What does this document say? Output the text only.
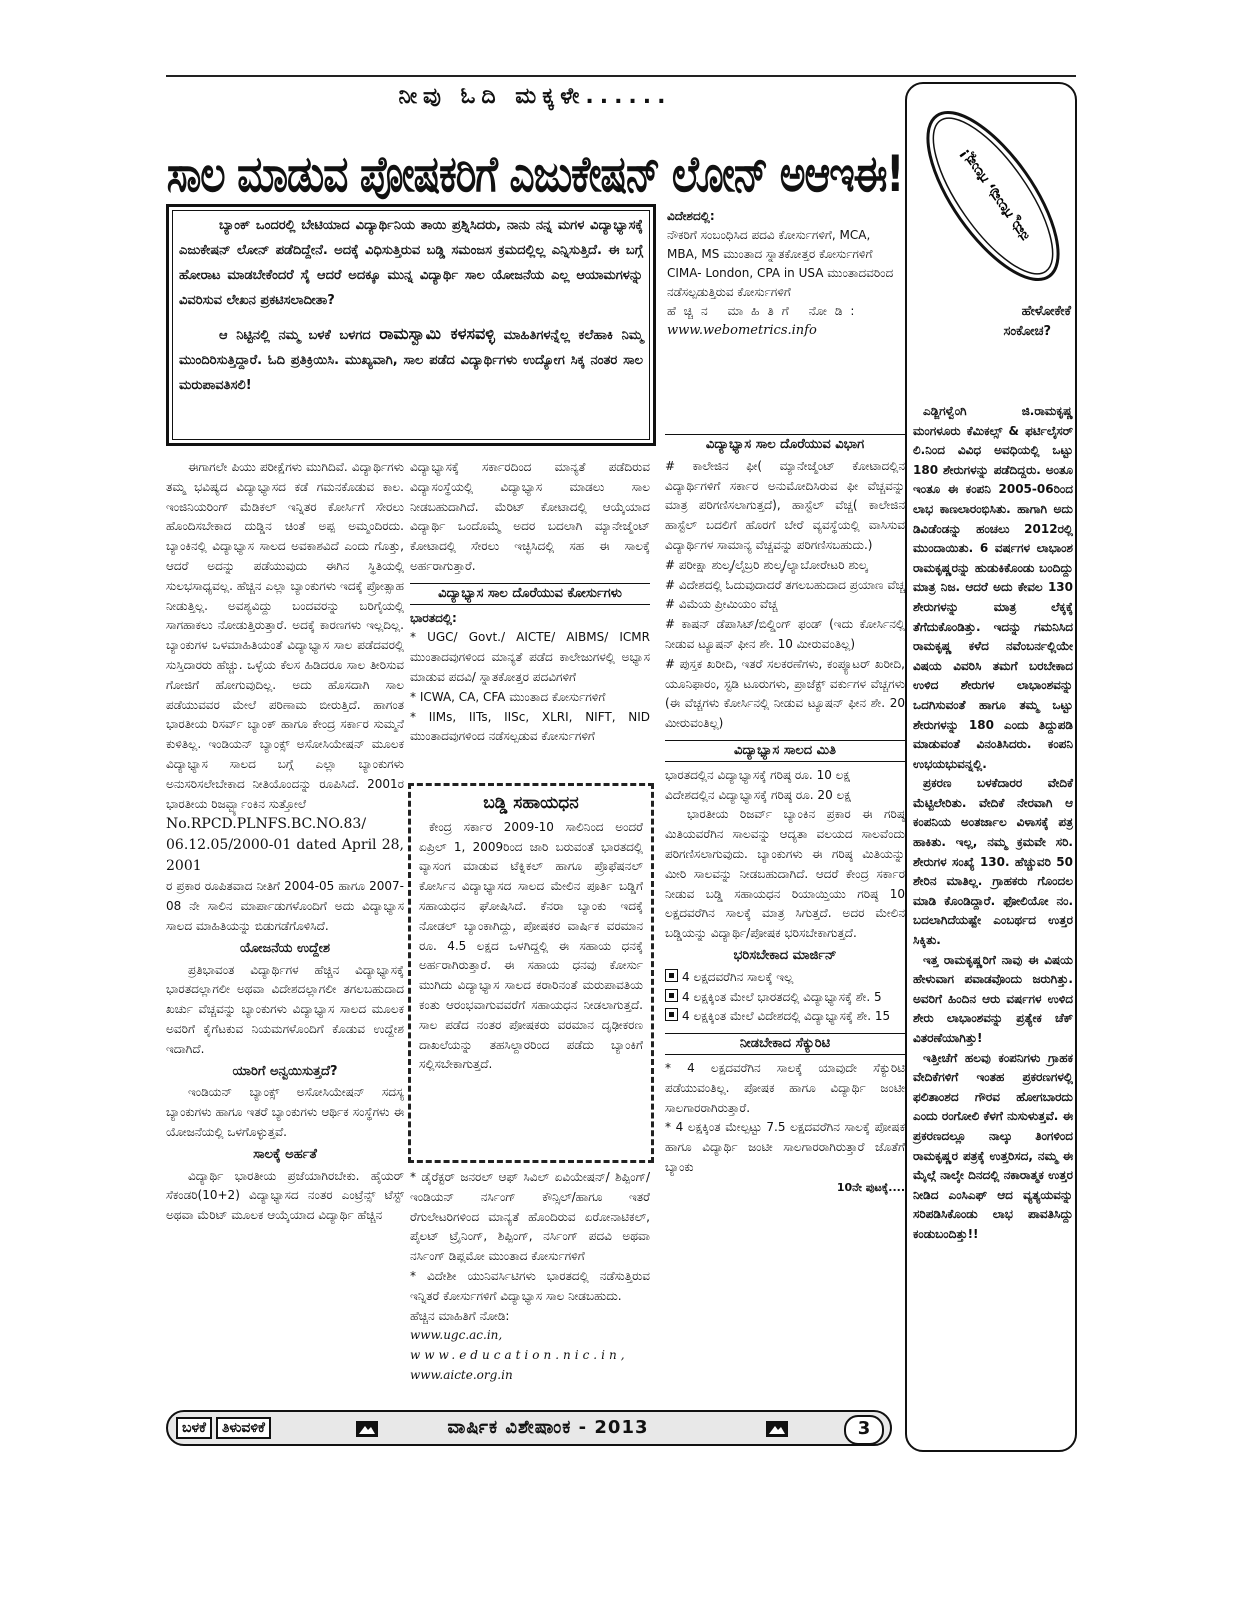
ನೀವು ಓದಿ ಮಕ್ಕಳೇ......
ಸಾಲ ಮಾಡುವ ಪೋಷಕರಿಗೆ ಎಜುಕೇಷನ್ ಲೋನ್ ಅಆಇಈ!

ಬ್ಯಾಂಕ್ ಒಂದರಲ್ಲಿ ಬೇಟಿಯಾದ ವಿದ್ಯಾರ್ಥಿನಿಯ ತಾಯಿ ಪ್ರಶ್ನಿಸಿದರು, ನಾನು ನನ್ನ ಮಗಳ ವಿದ್ಯಾಭ್ಯಾಸಕ್ಕೆ ಎಜುಕೇಷನ್ ಲೋನ್ ಪಡೆದಿದ್ದೇನೆ. ಅದಕ್ಕೆ ವಿಧಿಸುತ್ತಿರುವ ಬಡ್ಡಿ ಸಮಂಜಸ ಕ್ರಮದಲ್ಲಿಲ್ಲ ಎನ್ನಿಸುತ್ತಿದೆ. ಈ ಬಗ್ಗೆ ಹೋರಾಟ ಮಾಡಬೇಕೆಂದರೆ ಸೈ ಆದರೆ ಅದಕ್ಕೂ ಮುನ್ನ ವಿದ್ಯಾರ್ಥಿ ಸಾಲ ಯೋಜನೆಯ ಎಲ್ಲ ಆಯಾಮಗಳನ್ನು ವಿವರಿಸುವ ಲೇಖನ ಪ್ರಕಟಿಸಲಾದೀತಾ?

ಆ ನಿಟ್ಟಿನಲ್ಲಿ ನಮ್ಮ ಬಳಕೆ ಬಳಗದ ರಾಮಸ್ವಾಮಿ ಕಳಸವಳ್ಳಿ ಮಾಹಿತಿಗಳನ್ನೆಲ್ಲ ಕಲೆಹಾಕಿ ನಿಮ್ಮ ಮುಂದಿರಿಸುತ್ತಿದ್ದಾರೆ. ಓದಿ ಪ್ರತಿಕ್ರಿಯಿಸಿ. ಮುಖ್ಯವಾಗಿ, ಸಾಲ ಪಡೆದ ವಿದ್ಯಾರ್ಥಿಗಳು ಉದ್ಯೋಗ ಸಿಕ್ಕ ನಂತರ ಸಾಲ ಮರುಪಾವತಿಸಲಿ!

ವಿದೇಶದಲ್ಲಿ:
ನೌಕರಿಗೆ ಸಂಬಂಧಿಸಿದ ಪದವಿ ಕೋರ್ಸುಗಳಿಗೆ, MCA, MBA, MS ಮುಂತಾದ ಸ್ನಾತಕೋತ್ತರ ಕೋರ್ಸುಗಳಿಗೆ
CIMA- London, CPA in USA ಮುಂತಾದವರಿಂದ ನಡೆಸಲ್ಪಡುತ್ತಿರುವ ಕೋರ್ಸುಗಳಿಗೆ
ಹೆಚ್ಚಿನ ಮಾಹಿತಿಗೆ ನೋಡಿ:
www.webometrics.info

ಈಗಾಗಲೇ ಪಿಯು ಪರೀಕ್ಷೆಗಳು ಮುಗಿದಿವೆ. ವಿದ್ಯಾರ್ಥಿಗಳು ತಮ್ಮ ಭವಿಷ್ಯದ ವಿದ್ಯಾಭ್ಯಾಸದ ಕಡೆ ಗಮನಕೊಡುವ ಕಾಲ. ಇಂಜಿನಿಯರಿಂಗ್ ಮೆಡಿಕಲ್ ಇನ್ನಿತರ ಕೋರ್ಸಿಗೆ ಸೇರಲು ಹೊಂದಿಸಬೇಕಾದ ದುಡ್ಡಿನ ಚಿಂತೆ ಅಪ್ಪ ಅಮ್ಮಂದಿರದು. ಬ್ಯಾಂಕಿನಲ್ಲಿ ವಿದ್ಯಾಭ್ಯಾಸ ಸಾಲದ ಅವಕಾಶವಿದೆ ಎಂದು ಗೊತ್ತು, ಆದರೆ ಅದನ್ನು ಪಡೆಯುವುದು ಈಗಿನ ಸ್ಥಿತಿಯಲ್ಲಿ ಸುಲಭಸಾಧ್ಯವಲ್ಲ. ಹೆಚ್ಚಿನ ಎಲ್ಲಾ ಬ್ಯಾಂಕುಗಳು ಇದಕ್ಕೆ ಪ್ರೋತ್ಸಾಹ ನೀಡುತ್ತಿಲ್ಲ. ಅವಶ್ಯವಿದ್ದು ಬಂದವರನ್ನು ಬರಿಗೈಯಲ್ಲಿ ಸಾಗಹಾಕಲು ನೋಡುತ್ತಿರುತ್ತಾರೆ. ಅದಕ್ಕೆ ಕಾರಣಗಳು ಇಲ್ಲದಿಲ್ಲ. ಬ್ಯಾಂಕುಗಳ ಒಳಮಾಹಿತಿಯಂತೆ ವಿದ್ಯಾಭ್ಯಾಸ ಸಾಲ ಪಡೆದವರಲ್ಲಿ ಸುಸ್ತಿದಾರರು ಹೆಚ್ಚು. ಒಳ್ಳೆಯ ಕೆಲಸ ಹಿಡಿದರೂ ಸಾಲ ತೀರಿಸುವ ಗೋಜಿಗೆ ಹೋಗುವುದಿಲ್ಲ. ಅದು ಹೊಸದಾಗಿ ಸಾಲ ಪಡೆಯುವವರ ಮೇಲೆ ಪರಿಣಾಮ ಬೀರುತ್ತಿದೆ. ಹಾಗಂತ ಭಾರತೀಯ ರಿಸರ್ವ್ ಬ್ಯಾಂಕ್ ಹಾಗೂ ಕೇಂದ್ರ ಸರ್ಕಾರ ಸುಮ್ಮನೆ ಕುಳಿತಿಲ್ಲ. ಇಂಡಿಯನ್ ಬ್ಯಾಂಕ್ಸ್ ಅಸೋಸಿಯೇಷನ್ ಮೂಲಕ ವಿದ್ಯಾಭ್ಯಾಸ ಸಾಲದ ಬಗ್ಗೆ ಎಲ್ಲಾ ಬ್ಯಾಂಕುಗಳು ಅನುಸರಿಸಲೇಬೇಕಾದ ನೀತಿಯೊಂದನ್ನು ರೂಪಿಸಿದೆ. 2001ರ ಭಾರತೀಯ ರಿಜರ್ವ್ಬ್ಯಾಂಕಿನ ಸುತ್ತೋಲೆ

No.RPCD.PLNFS.BC.NO.83/ 06.12.05/2000-01 dated April 28, 2001

ರ ಪ್ರಕಾರ ರೂಪಿತವಾದ ನೀತಿಗೆ 2004-05 ಹಾಗೂ 2007-08 ನೇ ಸಾಲಿನ ಮಾರ್ಪಾಡುಗಳೊಂದಿಗೆ ಅದು ವಿದ್ಯಾಭ್ಯಾಸ ಸಾಲದ ಮಾಹಿತಿಯನ್ನು ಬಿಡುಗಡೆಗೊಳಿಸಿದೆ.

ಯೋಜನೆಯ ಉದ್ದೇಶ

ಪ್ರತಿಭಾವಂತ ವಿದ್ಯಾರ್ಥಿಗಳ ಹೆಚ್ಚಿನ ವಿದ್ಯಾಭ್ಯಾಸಕ್ಕೆ ಭಾರತದಲ್ಲಾಗಲೀ ಅಥವಾ ವಿದೇಶದಲ್ಲಾಗಲೀ ತಗಲಬಹುದಾದ ಖರ್ಚು ವೆಚ್ಚವನ್ನು ಬ್ಯಾಂಕುಗಳು ವಿದ್ಯಾಭ್ಯಾಸ ಸಾಲದ ಮೂಲಕ ಅವರಿಗೆ ಕೈಗೆಟಕುವ ನಿಯಮಗಳೊಂದಿಗೆ ಕೊಡುವ ಉದ್ದೇಶ ಇದಾಗಿದೆ.

ಯಾರಿಗೆ ಅನ್ವಯಿಸುತ್ತದೆ?

ಇಂಡಿಯನ್ ಬ್ಯಾಂಕ್ಸ್ ಅಸೋಸಿಯೇಷನ್ ಸದಸ್ಯ ಬ್ಯಾಂಕುಗಳು ಹಾಗೂ ಇತರೆ ಬ್ಯಾಂಕುಗಳು ಆರ್ಥಿಕ ಸಂಸ್ಥೆಗಳು ಈ ಯೋಜನೆಯಲ್ಲಿ ಒಳಗೊಳ್ಳುತ್ತವೆ.

ಸಾಲಕ್ಕೆ ಅರ್ಹತೆ

ವಿದ್ಯಾರ್ಥಿ ಭಾರತೀಯ ಪ್ರಜೆಯಾಗಿರಬೇಕು. ಹೈಯರ್ ಸೆಕಂಡರಿ(10+2) ವಿದ್ಯಾಭ್ಯಾಸದ ನಂತರ ಎಂಟ್ರೆನ್ಸ್ ಟೆಸ್ಟ್ ಅಥವಾ ಮೆರಿಟ್ ಮೂಲಕ ಆಯ್ಕೆಯಾದ ವಿದ್ಯಾರ್ಥಿ ಹೆಚ್ಚಿನ

ವಿದ್ಯಾಭ್ಯಾಸಕ್ಕೆ ಸರ್ಕಾರದಿಂದ ಮಾನ್ಯತೆ ಪಡೆದಿರುವ ವಿದ್ಯಾಸಂಸ್ಥೆಯಲ್ಲಿ ವಿದ್ಯಾಭ್ಯಾಸ ಮಾಡಲು ಸಾಲ ನೀಡಬಹುದಾಗಿದೆ. ಮೆರಿಟ್ ಕೋಟಾದಲ್ಲಿ ಆಯ್ಕೆಯಾದ ವಿದ್ಯಾರ್ಥಿ ಒಂದೊಮ್ಮೆ ಅದರ ಬದಲಾಗಿ ಮ್ಯಾನೇಜ್ಮೆಂಟ್ ಕೋಟಾದಲ್ಲಿ ಸೇರಲು ಇಚ್ಛಿಸಿದಲ್ಲಿ ಸಹ ಈ ಸಾಲಕ್ಕೆ ಅರ್ಹರಾಗುತ್ತಾರೆ.

ವಿದ್ಯಾಭ್ಯಾಸ ಸಾಲ ದೊರೆಯುವ ಕೋರ್ಸುಗಳು

ಭಾರತದಲ್ಲಿ:

* UGC/ Govt./ AICTE/ AIBMS/ ICMR ಮುಂತಾದವುಗಳಿಂದ ಮಾನ್ಯತೆ ಪಡೆದ ಕಾಲೇಜುಗಳಲ್ಲಿ ಅಭ್ಯಾಸ ಮಾಡುವ ಪದವಿ/ ಸ್ನಾತಕೋತ್ತರ ಪದವಿಗಳಿಗೆ

* ICWA, CA, CFA ಮುಂತಾದ ಕೋರ್ಸುಗಳಿಗೆ

* IIMs, IITs, IISc, XLRI, NIFT, NID ಮುಂತಾದವುಗಳಿಂದ ನಡೆಸಲ್ಪಡುವ ಕೋರ್ಸುಗಳಿಗೆ

ಬಡ್ಡಿ ಸಹಾಯಧನ

ಕೇಂದ್ರ ಸರ್ಕಾರ 2009-10 ಸಾಲಿನಿಂದ ಅಂದರೆ ಏಪ್ರಿಲ್ 1, 2009ರಿಂದ ಜಾರಿ ಬರುವಂತೆ ಭಾರತದಲ್ಲಿ ವ್ಯಾಸಂಗ ಮಾಡುವ ಟೆಕ್ನಿಕಲ್ ಹಾಗೂ ಪ್ರೊಫೆಷನಲ್ ಕೋರ್ಸಿನ ವಿದ್ಯಾಭ್ಯಾಸದ ಸಾಲದ ಮೇಲಿನ ಪೂರ್ತಿ ಬಡ್ಡಿಗೆ ಸಹಾಯಧನ ಘೋಷಿಸಿದೆ. ಕೆನರಾ ಬ್ಯಾಂಕು ಇದಕ್ಕೆ ನೋಡಲ್ ಬ್ಯಾಂಕಾಗಿದ್ದು, ಪೋಷಕರ ವಾರ್ಷಿಕ ವರಮಾನ ರೂ. 4.5 ಲಕ್ಷದ ಒಳಗಿದ್ದಲ್ಲಿ ಈ ಸಹಾಯ ಧನಕ್ಕೆ ಅರ್ಹರಾಗಿರುತ್ತಾರೆ. ಈ ಸಹಾಯ ಧನವು ಕೋರ್ಸು ಮುಗಿದು ವಿದ್ಯಾಭ್ಯಾಸ ಸಾಲದ ಕರಾರಿನಂತೆ ಮರುಪಾವತಿಯ ಕಂತು ಆರಂಭವಾಗುವವರೆಗೆ ಸಹಾಯಧನ ನೀಡಲಾಗುತ್ತದೆ. ಸಾಲ ಪಡೆದ ನಂತರ ಪೋಷಕರು ವರಮಾನ ದೃಢೀಕರಣ ದಾಖಲೆಯನ್ನು ತಹಸಿಲ್ದಾರರಿಂದ ಪಡೆದು ಬ್ಯಾಂಕಿಗೆ ಸಲ್ಲಿಸಬೇಕಾಗುತ್ತದೆ.

* ಡೈರೆಕ್ಟರ್ ಜನರಲ್ ಆಫ್ ಸಿವಿಲ್ ಏವಿಯೇಷನ್/ ಶಿಪ್ಪಿಂಗ್/ಇಂಡಿಯನ್ ನರ್ಸಿಂಗ್ ಕೌನ್ಸಿಲ್/ಹಾಗೂ ಇತರೆ ರೆಗುಲೇಟರಿಗಳಿಂದ ಮಾನ್ಯತೆ ಹೊಂದಿರುವ ಏರೋನಾಟಿಕಲ್, ಪೈಲಟ್ ಟ್ರೈನಿಂಗ್, ಶಿಪ್ಪಿಂಗ್, ನರ್ಸಿಂಗ್ ಪದವಿ ಅಥವಾ ನರ್ಸಿಂಗ್ ಡಿಪ್ಲಮೋ ಮುಂತಾದ ಕೋರ್ಸುಗಳಿಗೆ

* ವಿದೇಶೀ ಯುನಿವರ್ಸಿಟಿಗಳು ಭಾರತದಲ್ಲಿ ನಡೆಸುತ್ತಿರುವ ಇನ್ನಿತರೆ ಕೋರ್ಸುಗಳಿಗೆ ವಿದ್ಯಾಭ್ಯಾಸ ಸಾಲ ನೀಡಬಹುದು.

ಹೆಚ್ಚಿನ ಮಾಹಿತಿಗೆ ನೋಡಿ:

www.ugc.ac.in,

www.education.nic.in,

www.aicte.org.in

ವಿದ್ಯಾಭ್ಯಾಸ ಸಾಲ ದೊರೆಯುವ ವಿಭಾಗ

# ಕಾಲೇಜಿನ ಫೀ( ಮ್ಯಾನೇಜ್ಮೆಂಟ್ ಕೋಟಾದಲ್ಲಿನ ವಿದ್ಯಾರ್ಥಿಗಳಿಗೆ ಸರ್ಕಾರ ಅನುಮೋದಿಸಿರುವ ಫೀ ವೆಚ್ಚವನ್ನು ಮಾತ್ರ ಪರಿಗಣಿಸಲಾಗುತ್ತದೆ), ಹಾಸ್ಟೆಲ್ ವೆಚ್ಚ( ಕಾಲೇಜಿನ ಹಾಸ್ಟೆಲ್ ಬದಲಿಗೆ ಹೊರಗೆ ಬೇರೆ ವ್ಯವಸ್ಥೆಯಲ್ಲಿ ವಾಸಿಸುವ ವಿದ್ಯಾರ್ಥಿಗಳ ಸಾಮಾನ್ಯ ವೆಚ್ಚವನ್ನು ಪರಿಗಣಿಸಬಹುದು.)

# ಪರೀಕ್ಷಾ ಶುಲ್ಕ/ಲೈಬ್ರರಿ ಶುಲ್ಕ/ಲ್ಯಾಬೋರೇಟರಿ ಶುಲ್ಕ

# ವಿದೇಶದಲ್ಲಿ ಓದುವುದಾದರೆ ತಗಲಬಹುದಾದ ಪ್ರಯಾಣ ವೆಚ್ಚ

# ವಿಮೆಯ ಪ್ರೀಮಿಯಂ ವೆಚ್ಚ

# ಕಾಷನ್ ಡೆಪಾಸಿಟ್/ಬಿಲ್ಡಿಂಗ್ ಫಂಡ್ (ಇದು ಕೋರ್ಸಿನಲ್ಲಿ ನೀಡುವ ಟ್ಯೂಷನ್ ಫೀನ ಶೇ. 10 ಮೀರುವಂತಿಲ್ಲ)

# ಪುಸ್ತಕ ಖರೀದಿ, ಇತರೆ ಸಲಕರಣೆಗಳು, ಕಂಪ್ಯೂಟರ್ ಖರೀದಿ, ಯೂನಿಫಾರಂ, ಸ್ಟಡಿ ಟೂರುಗಳು, ಪ್ರಾಜೆಕ್ಟ್ ವರ್ಕುಗಳ ವೆಚ್ಚಗಳು (ಈ ವೆಚ್ಚಗಳು ಕೋರ್ಸಿನಲ್ಲಿ ನೀಡುವ ಟ್ಯೂಷನ್ ಫೀನ ಶೇ. 20 ಮೀರುವಂತಿಲ್ಲ)

ವಿದ್ಯಾಭ್ಯಾಸ ಸಾಲದ ಮಿತಿ

ಭಾರತದಲ್ಲಿನ ವಿದ್ಯಾಭ್ಯಾಸಕ್ಕೆ ಗರಿಷ್ಠ ರೂ. 10 ಲಕ್ಷ

ವಿದೇಶದಲ್ಲಿನ ವಿದ್ಯಾಭ್ಯಾಸಕ್ಕೆ ಗರಿಷ್ಠ ರೂ. 20 ಲಕ್ಷ

ಭಾರತೀಯ ರಿಜರ್ವ್ ಬ್ಯಾಂಕಿನ ಪ್ರಕಾರ ಈ ಗರಿಷ್ಠ ಮಿತಿಯವರೆಗಿನ ಸಾಲವನ್ನು ಆದ್ಯತಾ ವಲಯದ ಸಾಲವೆಂದು ಪರಿಗಣಿಸಲಾಗುವುದು. ಬ್ಯಾಂಕುಗಳು ಈ ಗರಿಷ್ಠ ಮಿತಿಯನ್ನು ಮೀರಿ ಸಾಲವನ್ನು ನೀಡಬಹುದಾಗಿದೆ. ಆದರೆ ಕೇಂದ್ರ ಸರ್ಕಾರ ನೀಡುವ ಬಡ್ಡಿ ಸಹಾಯಧನ ರಿಯಾಯ್ತಿಯು ಗರಿಷ್ಠ 10 ಲಕ್ಷದವರೆಗಿನ ಸಾಲಕ್ಕೆ ಮಾತ್ರ ಸಿಗುತ್ತದೆ. ಅದರ ಮೇಲಿನ ಬಡ್ಡಿಯನ್ನು ವಿದ್ಯಾರ್ಥಿ/ಪೋಷಕ ಭರಿಸಬೇಕಾಗುತ್ತದೆ.

ಭರಿಸಬೇಕಾದ ಮಾರ್ಜಿನ್

4 ಲಕ್ಷದವರೆಗಿನ ಸಾಲಕ್ಕೆ ಇಲ್ಲ

4 ಲಕ್ಷಕ್ಕಿಂತ ಮೇಲೆ ಭಾರತದಲ್ಲಿ ವಿದ್ಯಾಭ್ಯಾಸಕ್ಕೆ ಶೇ. 5

4 ಲಕ್ಷಕ್ಕಿಂತ ಮೇಲೆ ವಿದೇಶದಲ್ಲಿ ವಿದ್ಯಾಭ್ಯಾಸಕ್ಕೆ ಶೇ. 15

ನೀಡಬೇಕಾದ ಸೆಕ್ಯುರಿಟಿ

* 4 ಲಕ್ಷದವರೆಗಿನ ಸಾಲಕ್ಕೆ ಯಾವುದೇ ಸೆಕ್ಯುರಿಟಿ ಪಡೆಯುವಂತಿಲ್ಲ. ಪೋಷಕ ಹಾಗೂ ವಿದ್ಯಾರ್ಥಿ ಜಂಟೀ ಸಾಲಗಾರರಾಗಿರುತ್ತಾರೆ.

* 4 ಲಕ್ಷಕ್ಕಿಂತ ಮೇಲ್ಪಟ್ಟು 7.5 ಲಕ್ಷದವರೆಗಿನ ಸಾಲಕ್ಕೆ ಪೋಷಕ ಹಾಗೂ ವಿದ್ಯಾರ್ಥಿ ಜಂಟೀ ಸಾಲಗಾರರಾಗಿರುತ್ತಾರೆ ಜೊತೆಗೆ ಬ್ಯಾಂಕು

10ನೇ ಪುಟಕ್ಕೆ....

ನಮ್ಮ ಗೆಲುವು, ಗೆಲುಪ್ಲ!
ಹೇಳೋಕೇಕೆ
ಸಂಕೋಚ?

ಎಡ್ಜಿಗಳ್ವೆಂಗಿ ಜಿ.ರಾಮಕೃಷ್ಣ ಮಂಗಳೂರು ಕೆಮಿಕಲ್ಸ್ & ಫರ್ಟಿಲೈಸರ್ ಲಿ.ನಿಂದ ವಿವಿಧ ಅವಧಿಯಲ್ಲಿ ಒಟ್ಟು 180 ಶೇರುಗಳನ್ನು ಪಡೆದಿದ್ದರು. ಅಂತೂ ಇಂತೂ ಈ ಕಂಪನಿ 2005-06ರಿಂದ ಲಾಭ ಕಾಣಲಾರಂಭಿಸಿತು. ಹಾಗಾಗಿ ಅದು ಡಿವಿಡೆಂಡನ್ನು ಹಂಚಲು 2012ರಲ್ಲಿ ಮುಂದಾಯಿತು. 6 ವರ್ಷಗಳ ಲಾಭಾಂಶ ರಾಮಕೃಷ್ಣರನ್ನು ಹುಡುಕಿಕೊಂಡು ಬಂದಿದ್ದು ಮಾತ್ರ ನಿಜ. ಆದರೆ ಅದು ಕೇವಲ 130 ಶೇರುಗಳನ್ನು ಮಾತ್ರ ಲೆಕ್ಕಕ್ಕೆ ತೆಗೆದುಕೊಂಡಿತ್ತು. ಇದನ್ನು ಗಮನಿಸಿದ ರಾಮಕೃಷ್ಣ ಕಳೆದ ನವೆಂಬರ್ನಲ್ಲಿಯೇ ವಿಷಯ ವಿವರಿಸಿ ತಮಗೆ ಬರಬೇಕಾದ ಉಳಿದ ಶೇರುಗಳ ಲಾಭಾಂಶವನ್ನು ಒದಗಿಸುವಂತೆ ಹಾಗೂ ತಮ್ಮ ಒಟ್ಟು ಶೇರುಗಳನ್ನು 180 ಎಂದು ತಿದ್ದುಪಡಿ ಮಾಡುವಂತೆ ವಿನಂತಿಸಿದರು. ಕಂಪನಿ ಉಭಯಭುವನ್ನಲ್ಲಿ.

ಪ್ರಕರಣ ಬಳಕೆದಾರರ ವೇದಿಕೆ ಮೆಟ್ಟಿಲೇರಿತು. ವೇದಿಕೆ ನೇರವಾಗಿ ಆ ಕಂಪನಿಯ ಅಂತರ್ಜಾಲ ವಿಳಾಸಕ್ಕೆ ಪತ್ರ ಹಾಕಿತು. ಇಲ್ಲ, ನಮ್ಮ ಕ್ರಮವೇ ಸರಿ. ಶೇರುಗಳ ಸಂಖ್ಯೆ 130. ಹೆಚ್ಚುವರಿ 50 ಶೇರಿನ ಮಾತಿಲ್ಲ. ಗ್ರಾಹಕರು ಗೊಂದಲ ಮಾಡಿ ಕೊಂಡಿದ್ದಾರೆ. ಫೋಲಿಯೋ ನಂ. ಬದಲಾಗಿದೆಯಷ್ಟೇ ಎಂಬರ್ಥದ ಉತ್ತರ ಸಿಕ್ಕಿತು.

ಇತ್ತ ರಾಮಕೃಷ್ಣರಿಗೆ ನಾವು ಈ ವಿಷಯ ಹೇಳುವಾಗ ಪವಾಡವೊಂದು ಜರುಗಿತ್ತು. ಅವರಿಗೆ ಹಿಂದಿನ ಆರು ವರ್ಷಗಳ ಉಳಿದ ಶೇರು ಲಾಭಾಂಶವನ್ನು ಪ್ರತ್ಯೇಕ ಚೆಕ್ ವಿತರಣೆಯಾಗಿತ್ತು!

ಇತ್ತೀಚೆಗೆ ಹಲವು ಕಂಪನಿಗಳು ಗ್ರಾಹಕ ವೇದಿಕೆಗಳಿಗೆ ಇಂತಹ ಪ್ರಕರಣಗಳಲ್ಲಿ ಫಲಿತಾಂಶದ ಗೌರವ ಹೋಗಬಾರದು ಎಂದು ರಂಗೋಲಿ ಕೆಳಗೆ ನುಸುಳುತ್ತವೆ. ಈ ಪ್ರಕರಣದಲ್ಲೂ ನಾಲ್ಕು ತಿಂಗಳಿಂದ ರಾಮಕೃಷ್ಣರ ಪತ್ರಕ್ಕೆ ಉತ್ತರಿಸದ, ನಮ್ಮ ಈ ಮೈಲ್ಗೆ ನಾಲ್ಕೇ ದಿನದಲ್ಲಿ ನಕಾರಾತ್ಮಕ ಉತ್ತರ ನೀಡಿದ ಎಂಸಿಎಫ್ ಆದ ವ್ಯತ್ಯಯವನ್ನು ಸರಿಪಡಿಸಿಕೊಂಡು ಲಾಭ ಪಾವತಿಸಿದ್ದು ಕಂಡುಬಂದಿತ್ತು!!

ಬಳಕೆ	ತಿಳುವಳಿಕೆ	ವಾರ್ಷಿಕ ವಿಶೇಷಾಂಕ - 2013	3
